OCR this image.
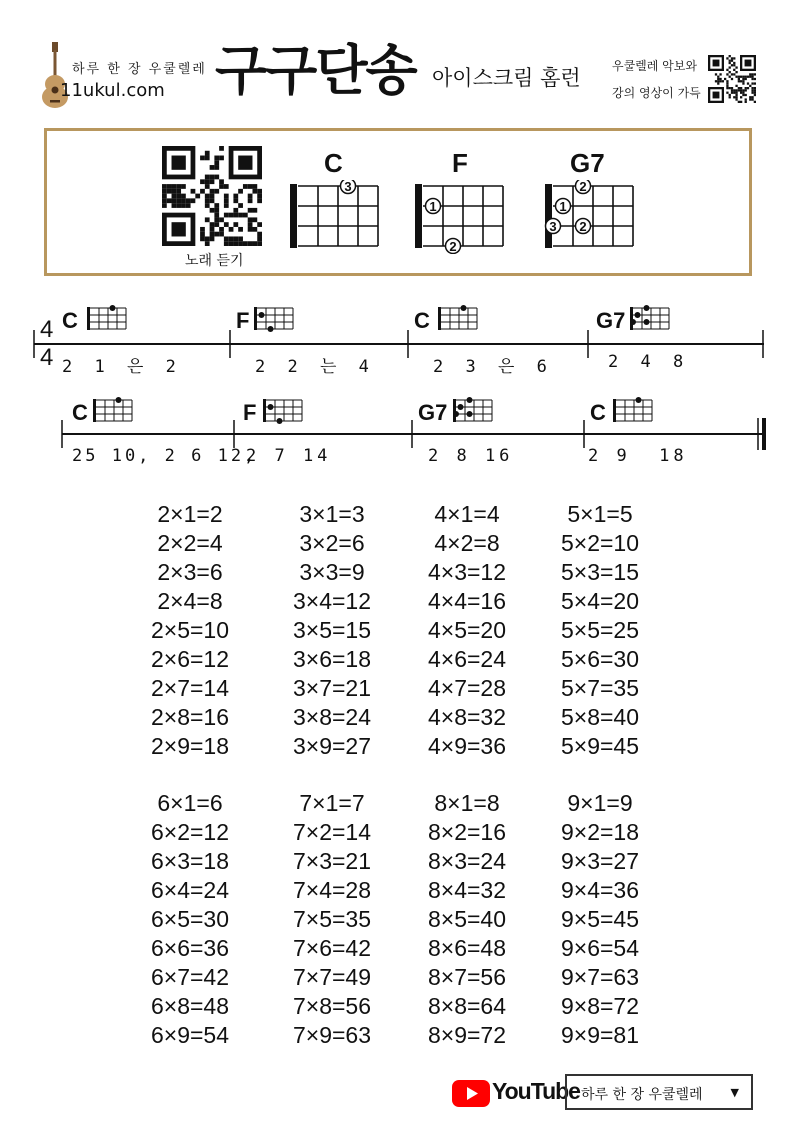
하루 한 장 우쿨렐레
11ukul.com 구구단송 아이스크림 홈런	우쿨렐레 악보와
강의 영상이 가득
노래 듣기
C
3
F
2
1
G7
2
1
2
3
4
4
C
2 1 은 2
F
2 2 는 4
C
2 3 은 6
G7
2 4 8
C
25 10, 2 6 12,
F
2 7 14
G7
2 8 16
C
2 9  18
2×1=2
2×2=4
2×3=6
2×4=8
2×5=10
2×6=12
2×7=14
2×8=16
2×9=18
3×1=3
3×2=6
3×3=9
3×4=12
3×5=15
3×6=18
3×7=21
3×8=24
3×9=27
4×1=4
4×2=8
4×3=12
4×4=16
4×5=20
4×6=24
4×7=28
4×8=32
4×9=36
5×1=5
5×2=10
5×3=15
5×4=20
5×5=25
5×6=30
5×7=35
5×8=40
5×9=45
6×1=6
6×2=12
6×3=18
6×4=24
6×5=30
6×6=36
6×7=42
6×8=48
6×9=54
7×1=7
7×2=14
7×3=21
7×4=28
7×5=35
7×6=42
7×7=49
7×8=56
7×9=63
8×1=8
8×2=16
8×3=24
8×4=32
8×5=40
8×6=48
8×7=56
8×8=64
8×9=72
9×1=9
9×2=18
9×3=27
9×4=36
9×5=45
9×6=54
9×7=63
9×8=72
9×9=81
YouTube 하루 한 장 우쿨렐레	▼
